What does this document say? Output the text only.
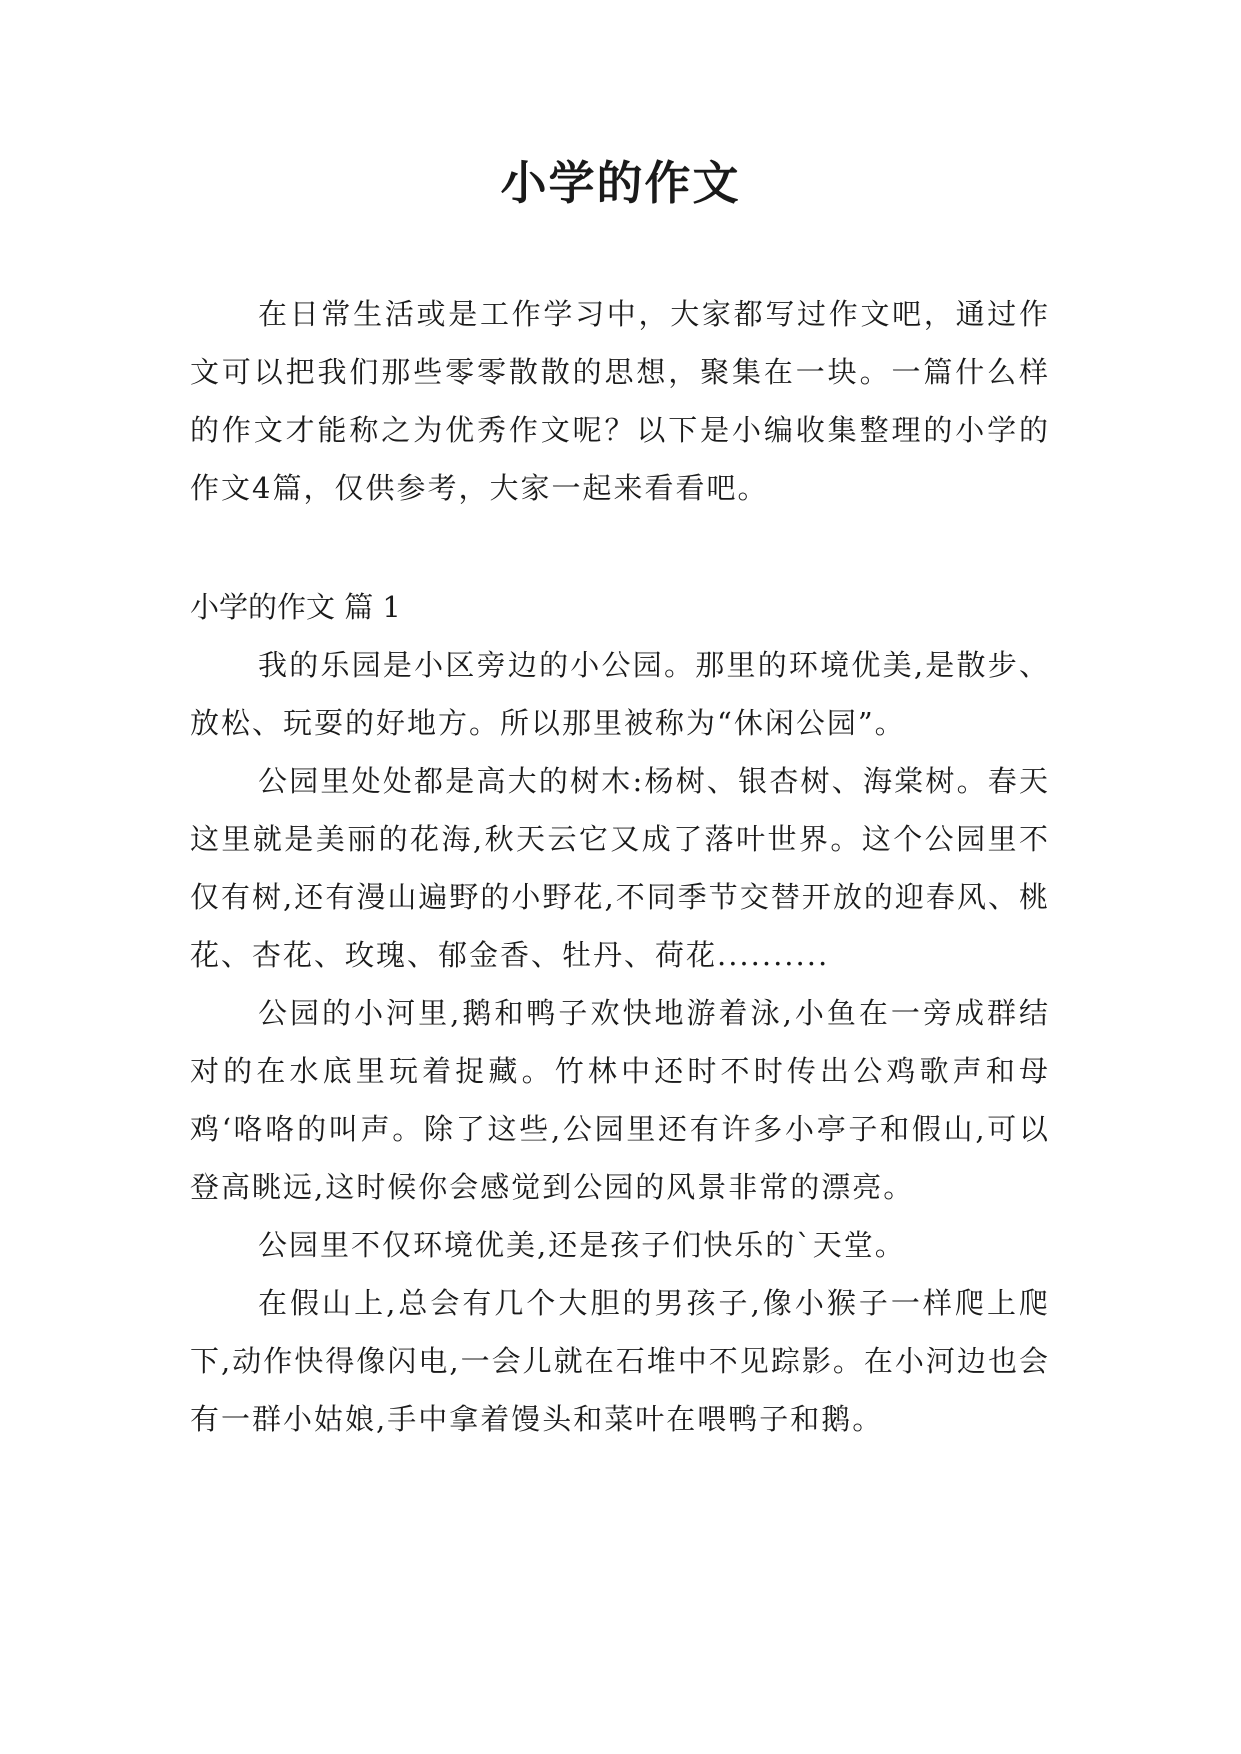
小学的作文

在日常生活或是工作学习中，大家都写过作文吧，通过作文可以把我们那些零零散散的思想，聚集在一块。一篇什么样的作文才能称之为优秀作文呢？以下是小编收集整理的小学的作文4篇，仅供参考，大家一起来看看吧。

小学的作文 篇 1

我的乐园是小区旁边的小公园。那里的环境优美,是散步、放松、玩耍的好地方。所以那里被称为“休闲公园”。

公园里处处都是高大的树木:杨树、银杏树、海棠树。春天这里就是美丽的花海,秋天云它又成了落叶世界。这个公园里不仅有树,还有漫山遍野的小野花,不同季节交替开放的迎春风、桃花、杏花、玫瑰、郁金香、牡丹、荷花..........

公园的小河里,鹅和鸭子欢快地游着泳,小鱼在一旁成群结对的在水底里玩着捉藏。竹林中还时不时传出公鸡歌声和母鸡‘咯咯的叫声。除了这些,公园里还有许多小亭子和假山,可以登高眺远,这时候你会感觉到公园的风景非常的漂亮。

公园里不仅环境优美,还是孩子们快乐的`天堂。

在假山上,总会有几个大胆的男孩子,像小猴子一样爬上爬下,动作快得像闪电,一会儿就在石堆中不见踪影。在小河边也会有一群小姑娘,手中拿着馒头和菜叶在喂鸭子和鹅。
